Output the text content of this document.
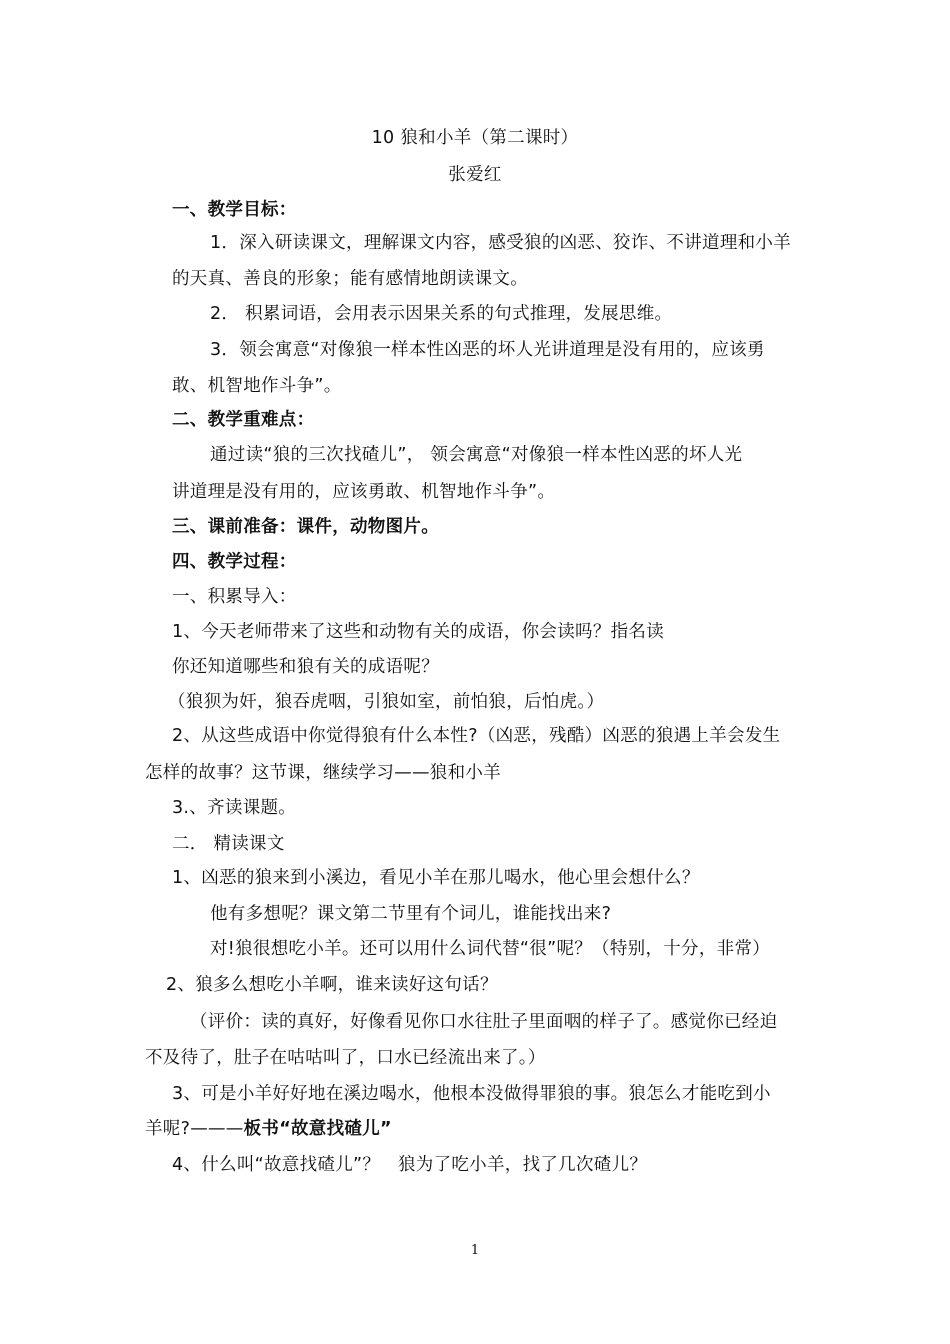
10 狼和小羊（第二课时）
张爱红
一、教学目标：
1．深入研读课文，理解课文内容，感受狼的凶恶、狡诈、不讲道理和小羊
的天真、善良的形象；能有感情地朗读课文。
2． 积累词语，会用表示因果关系的句式推理，发展思维。
3．领会寓意“对像狼一样本性凶恶的坏人光讲道理是没有用的，应该勇
敢、机智地作斗争”。
二、教学重难点：
通过读“狼的三次找碴儿”， 领会寓意“对像狼一样本性凶恶的坏人光
讲道理是没有用的，应该勇敢、机智地作斗争”。
三、课前准备：课件，动物图片。
四、教学过程：
一、积累导入：
1、今天老师带来了这些和动物有关的成语，你会读吗？指名读
你还知道哪些和狼有关的成语呢？
（狼狈为奸，狼吞虎咽，引狼如室，前怕狼，后怕虎。）
2、从这些成语中你觉得狼有什么本性?（凶恶，残酷）凶恶的狼遇上羊会发生
怎样的故事？这节课，继续学习——狼和小羊
3.、齐读课题。
二． 精读课文
1、凶恶的狼来到小溪边，看见小羊在那儿喝水，他心里会想什么？
他有多想呢？课文第二节里有个词儿，谁能找出来?
对!狼很想吃小羊。还可以用什么词代替“很”呢？（特别，十分，非常）
2、狼多么想吃小羊啊，谁来读好这句话？
（评价：读的真好，好像看见你口水往肚子里面咽的样子了。感觉你已经迫
不及待了，肚子在咕咕叫了，口水已经流出来了。）
3、可是小羊好好地在溪边喝水，他根本没做得罪狼的事。狼怎么才能吃到小
羊呢?———板书“故意找碴儿”
4、什么叫“故意找碴儿”？　狼为了吃小羊，找了几次碴儿？
1
